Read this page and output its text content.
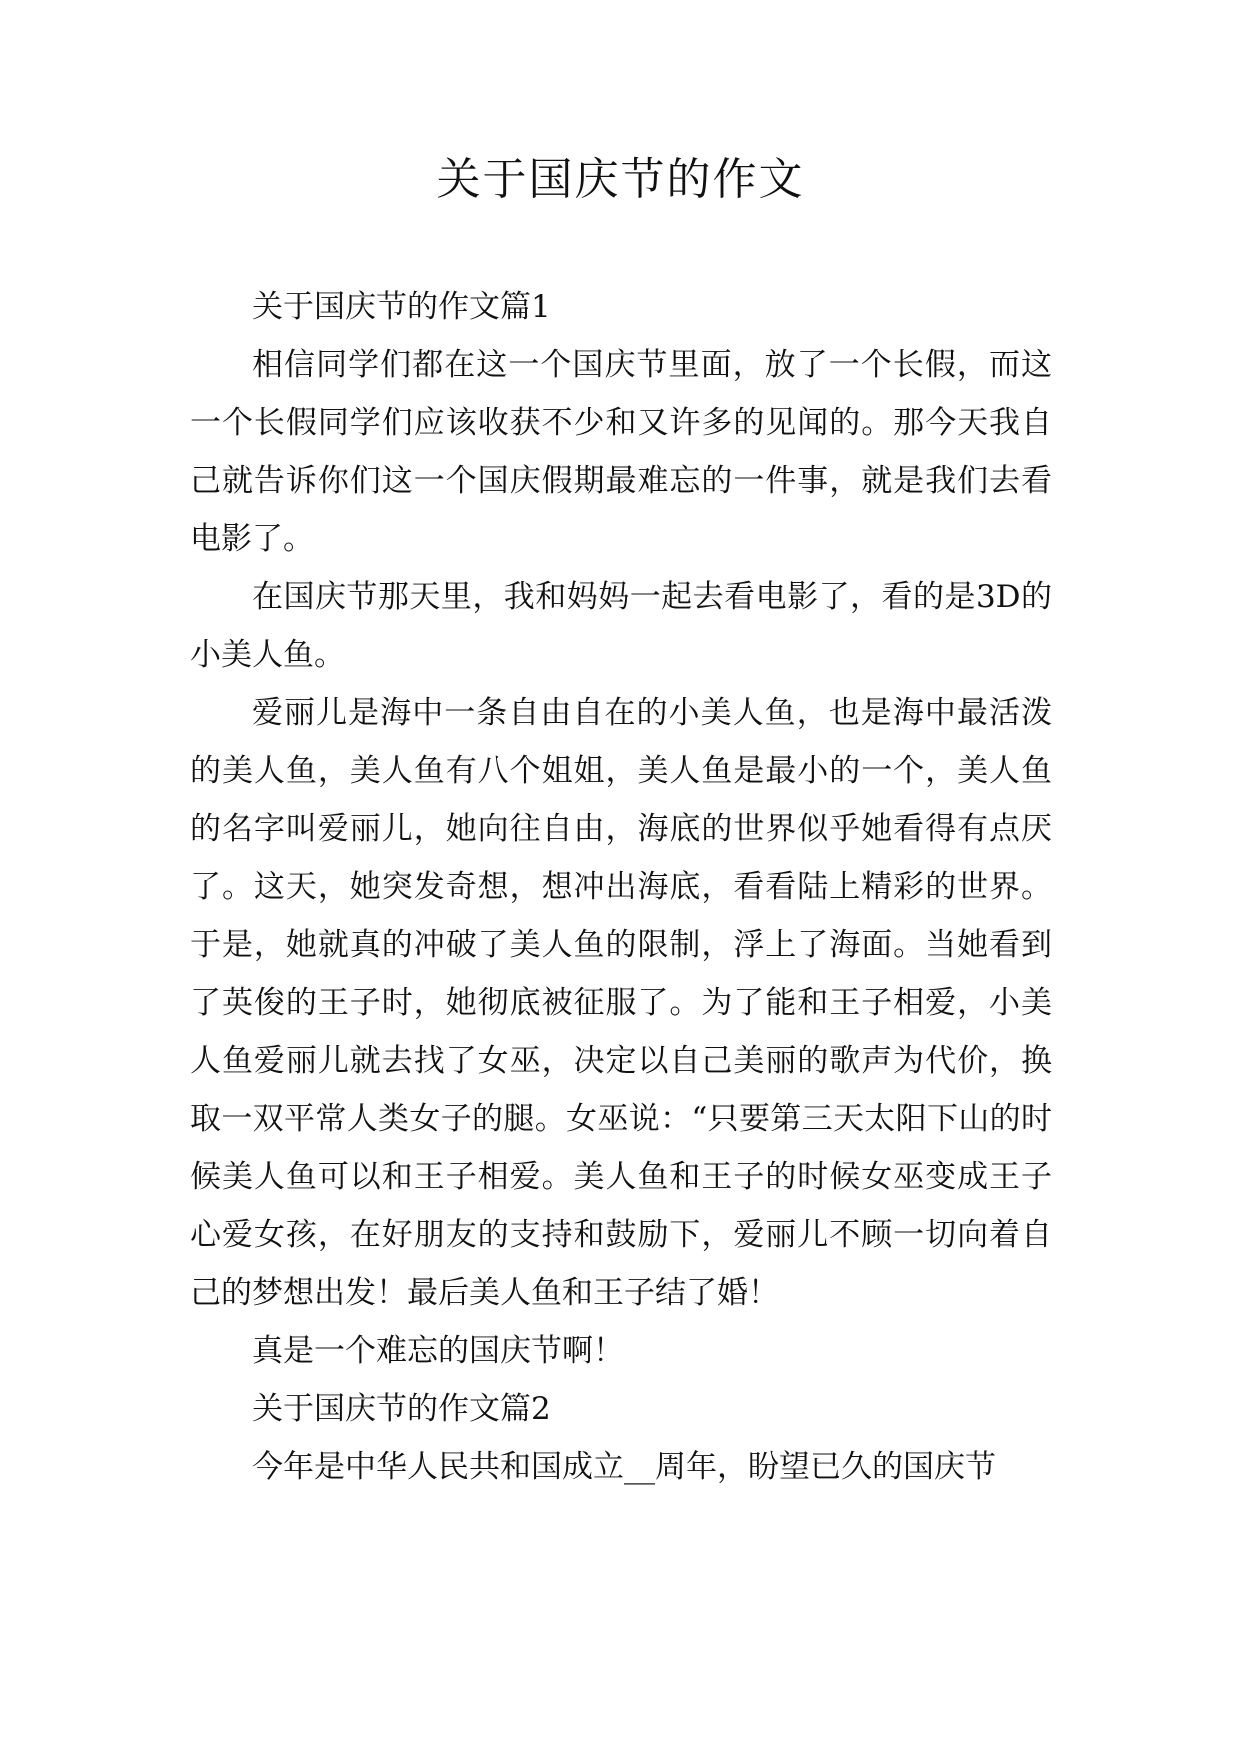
关于国庆节的作文

关于国庆节的作文篇1

相信同学们都在这一个国庆节里面，放了一个长假，而这一个长假同学们应该收获不少和又许多的见闻的。那今天我自己就告诉你们这一个国庆假期最难忘的一件事，就是我们去看电影了。

在国庆节那天里，我和妈妈一起去看电影了，看的是3D的小美人鱼。

爱丽儿是海中一条自由自在的小美人鱼，也是海中最活泼的美人鱼，美人鱼有八个姐姐，美人鱼是最小的一个，美人鱼的名字叫爱丽儿，她向往自由，海底的世界似乎她看得有点厌了。这天，她突发奇想，想冲出海底，看看陆上精彩的世界。于是，她就真的冲破了美人鱼的限制，浮上了海面。当她看到了英俊的王子时，她彻底被征服了。为了能和王子相爱，小美人鱼爱丽儿就去找了女巫，决定以自己美丽的歌声为代价，换取一双平常人类女子的腿。女巫说：“只要第三天太阳下山的时候美人鱼可以和王子相爱。美人鱼和王子的时候女巫变成王子心爱女孩，在好朋友的支持和鼓励下，爱丽儿不顾一切向着自己的梦想出发！最后美人鱼和王子结了婚！

真是一个难忘的国庆节啊！

关于国庆节的作文篇2

今年是中华人民共和国成立__周年，盼望已久的国庆节
